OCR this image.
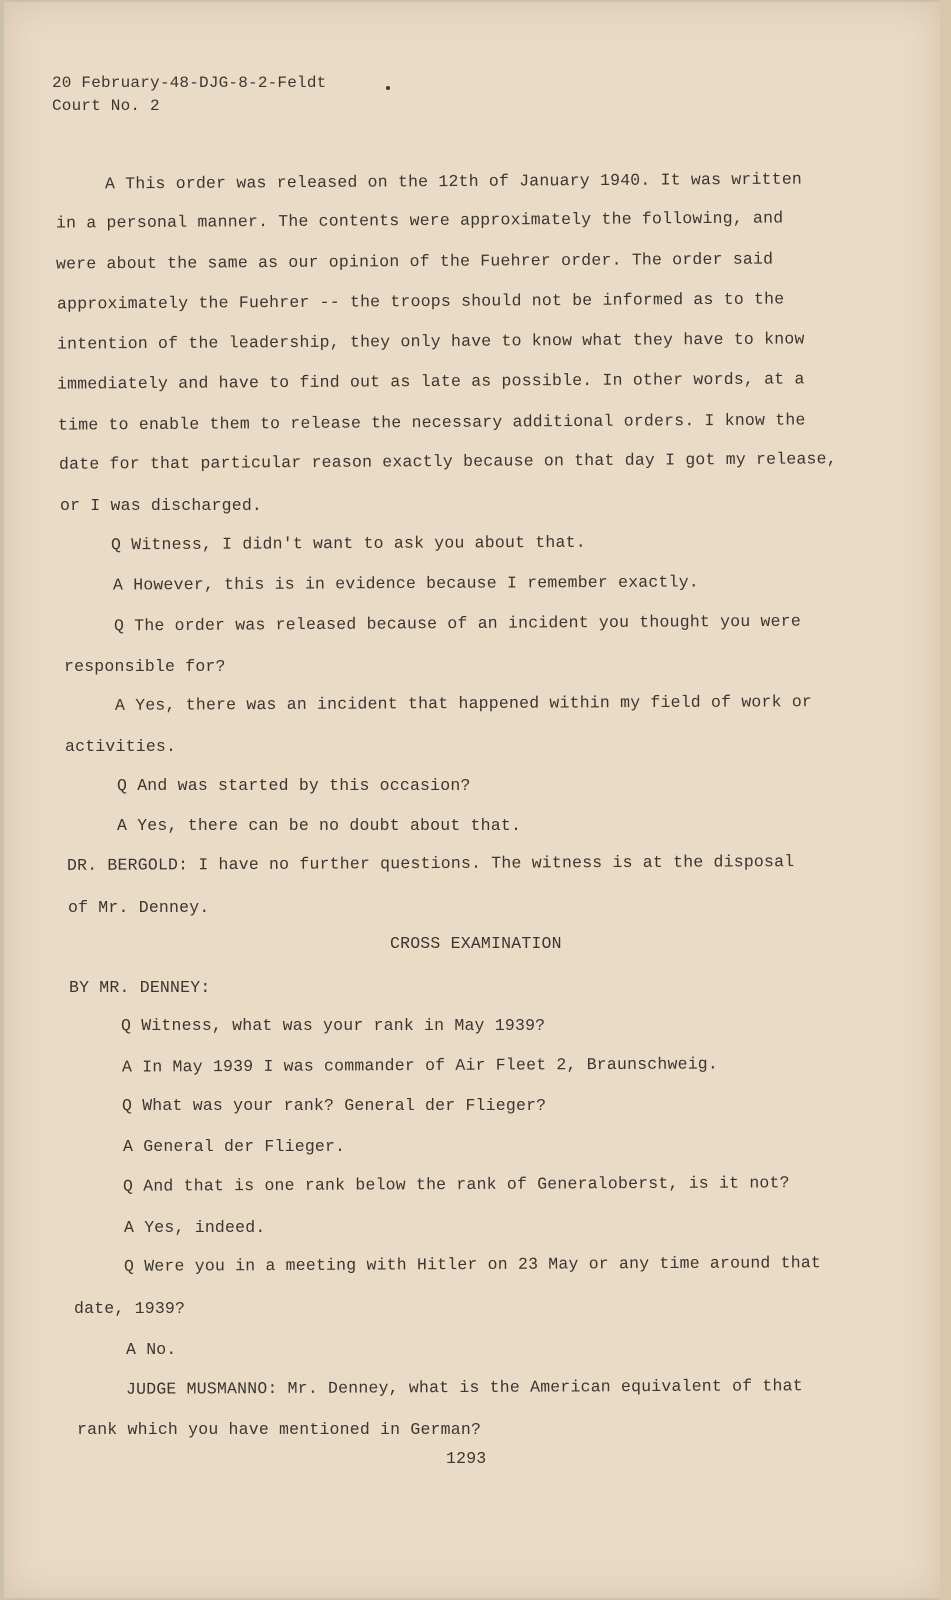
20 February-48-DJG-8-2-Feldt
Court No. 2
A This order was released on the 12th of January 1940. It was written
in a personal manner. The contents were approximately the following, and
were about the same as our opinion of the Fuehrer order. The order said
approximately the Fuehrer -- the troops should not be informed as to the
intention of the leadership, they only have to know what they have to know
immediately and have to find out as late as possible. In other words, at a
time to enable them to release the necessary additional orders. I know the
date for that particular reason exactly because on that day I got my release,
or I was discharged.
Q Witness, I didn't want to ask you about that.
A However, this is in evidence because I remember exactly.
Q The order was released because of an incident you thought you were
responsible for?
A Yes, there was an incident that happened within my field of work or
activities.
Q And was started by this occasion?
A Yes, there can be no doubt about that.
DR. BERGOLD: I have no further questions. The witness is at the disposal
of Mr. Denney.
CROSS EXAMINATION
BY MR. DENNEY:
Q Witness, what was your rank in May 1939?
A In May 1939 I was commander of Air Fleet 2, Braunschweig.
Q What was your rank? General der Flieger?
A General der Flieger.
Q And that is one rank below the rank of Generaloberst, is it not?
A Yes, indeed.
Q Were you in a meeting with Hitler on 23 May or any time around that
date, 1939?
A No.
JUDGE MUSMANNO: Mr. Denney, what is the American equivalent of that
rank which you have mentioned in German?
1293
